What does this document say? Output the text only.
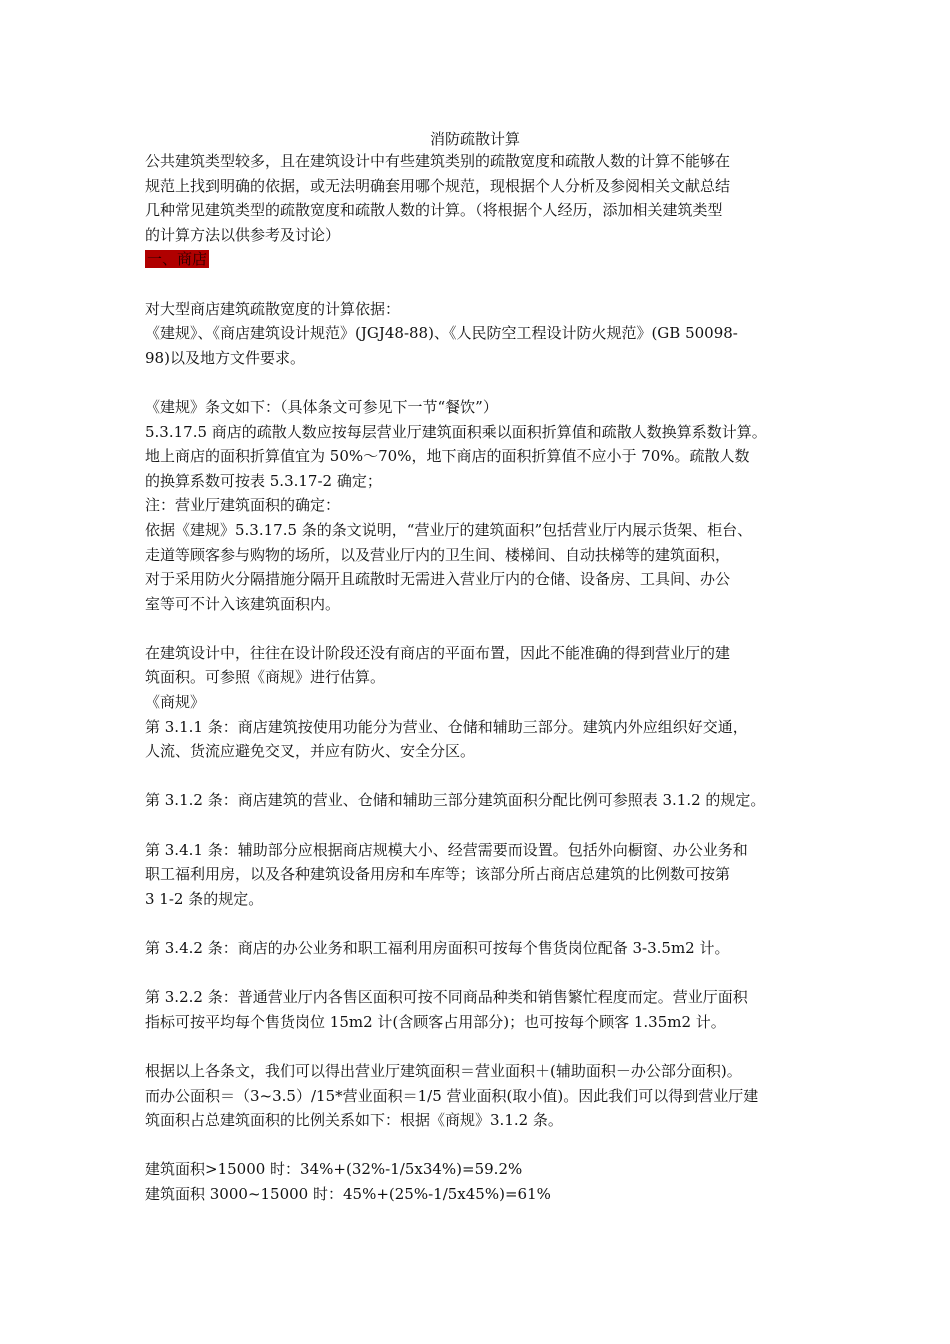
消防疏散计算

公共建筑类型较多，且在建筑设计中有些建筑类别的疏散宽度和疏散人数的计算不能够在

规范上找到明确的依据，或无法明确套用哪个规范，现根据个人分析及参阅相关文献总结

几种常见建筑类型的疏散宽度和疏散人数的计算。（将根据个人经历，添加相关建筑类型

的计算方法以供参考及讨论）

一、商店

对大型商店建筑疏散宽度的计算依据：

《建规》、《商店建筑设计规范》(JGJ48-88)、《人民防空工程设计防火规范》(GB 50098-

98)以及地方文件要求。

《建规》条文如下：（具体条文可参见下一节“餐饮”）

5.3.17.5 商店的疏散人数应按每层营业厅建筑面积乘以面积折算值和疏散人数换算系数计算。

地上商店的面积折算值宜为 50%～70%，地下商店的面积折算值不应小于 70%。疏散人数

的换算系数可按表 5.3.17-2 确定；

注：营业厅建筑面积的确定：

依据《建规》5.3.17.5 条的条文说明，“营业厅的建筑面积”包括营业厅内展示货架、柜台、

走道等顾客参与购物的场所，以及营业厅内的卫生间、楼梯间、自动扶梯等的建筑面积，

对于采用防火分隔措施分隔开且疏散时无需进入营业厅内的仓储、设备房、工具间、办公

室等可不计入该建筑面积内。

在建筑设计中，往往在设计阶段还没有商店的平面布置，因此不能准确的得到营业厅的建

筑面积。可参照《商规》进行估算。

《商规》

第 3.1.1 条：商店建筑按使用功能分为营业、仓储和辅助三部分。建筑内外应组织好交通，

人流、货流应避免交叉，并应有防火、安全分区。

第 3.1.2 条：商店建筑的营业、仓储和辅助三部分建筑面积分配比例可参照表 3.1.2 的规定。

第 3.4.1 条：辅助部分应根据商店规模大小、经营需要而设置。包括外向橱窗、办公业务和

职工福利用房，以及各种建筑设备用房和车库等；该部分所占商店总建筑的比例数可按第

3 1-2 条的规定。

第 3.4.2 条：商店的办公业务和职工福利用房面积可按每个售货岗位配备 3-3.5m2 计。

第 3.2.2 条：普通营业厅内各售区面积可按不同商品种类和销售繁忙程度而定。营业厅面积

指标可按平均每个售货岗位 15m2 计(含顾客占用部分)；也可按每个顾客 1.35m2 计。

根据以上各条文，我们可以得出营业厅建筑面积＝营业面积＋(辅助面积－办公部分面积)。

而办公面积＝（3~3.5）/15*营业面积＝1/5 营业面积(取小值)。因此我们可以得到营业厅建

筑面积占总建筑面积的比例关系如下：根据《商规》3.1.2 条。

建筑面积>15000 时：34%+(32%-1/5x34%)=59.2%

建筑面积 3000~15000 时：45%+(25%-1/5x45%)=61%
